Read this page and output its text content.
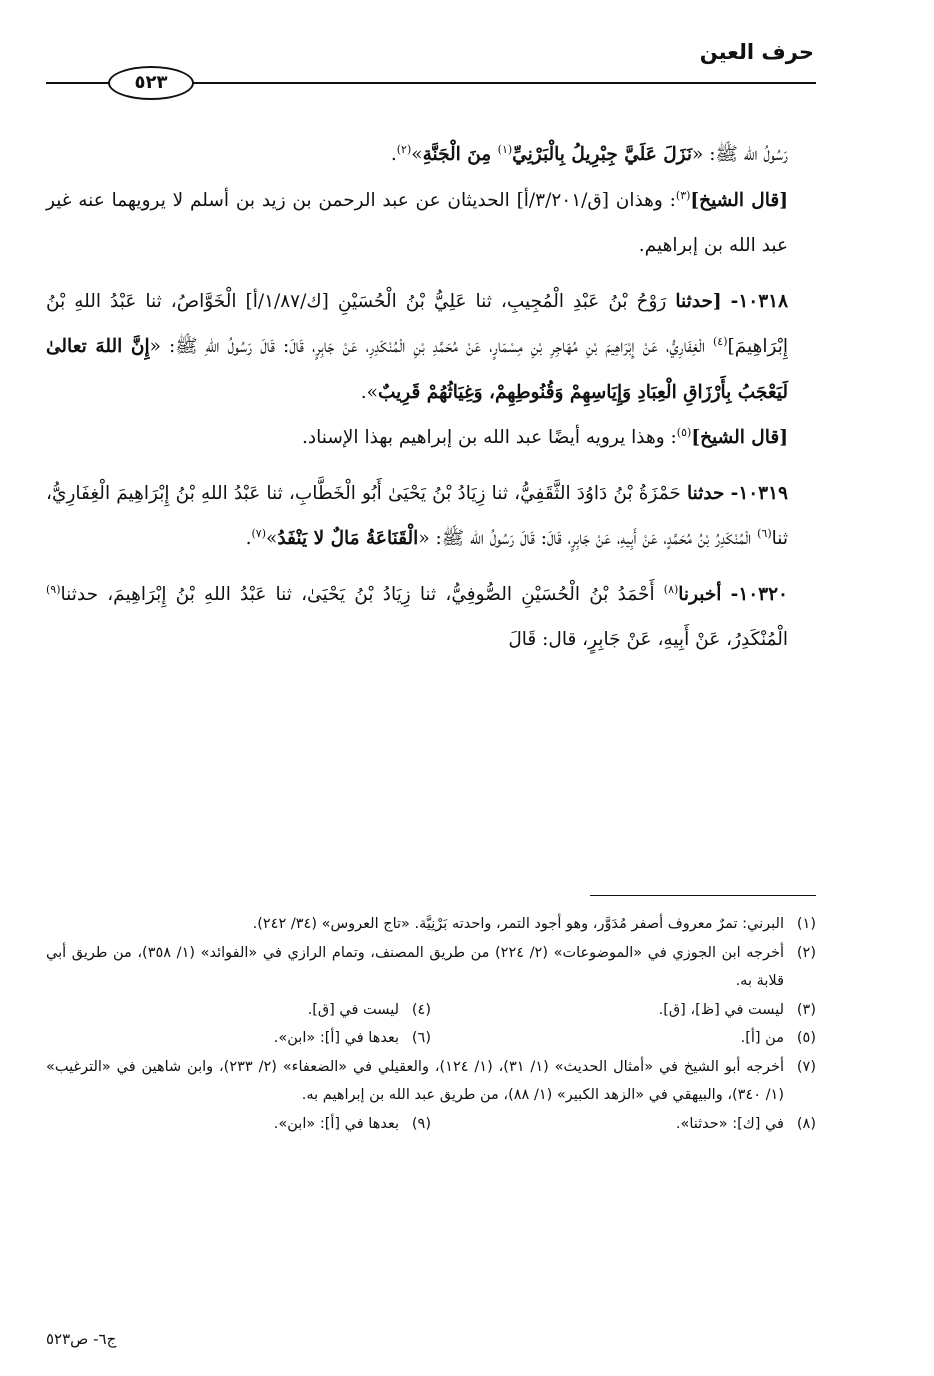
حرف العين
٥٢٣

رَسُولُ الله ﷺ: «نَزَلَ عَلَيَّ جِبْرِيلُ بِالْبَرْنِيِّ$^{(١)}$ مِنَ الْجَنَّةِ»$^{(٢)}$.

[قال الشيخ]$^{(٣)}$: وهذان [ق/٣/٢٠١/أ] الحديثان عن عبد الرحمن بن زيد بن أسلم لا يرويهما عنه غير عبد الله بن إبراهيم.

١٠٣١٨- [حدثنا رَوْحُ بْنُ عَبْدِ الْمُجِيبِ، ثنا عَلِيُّ بْنُ الْحُسَيْنِ [ك/١/٨٧/أ] الْخَوَّاصُ، ثنا عَبْدُ اللهِ بْنُ إِبْرَاهِيمَ]$^{(٤)}$ الْغِفَارِيُّ، عَنْ إِبْرَاهِيمَ بْنِ مُهَاجِرِ بْنِ مِسْمَارٍ، عَنْ مُحَمَّدِ بْنِ الْمُنْكَدِرِ، عَنْ جَابِرٍ، قَالَ: قَالَ رَسُولُ اللهِ ﷺ: «إِنَّ اللهَ تعالىٰ لَيَعْجَبُ بِأَرْزَاقِ الْعِبَادِ وَإِيَاسِهِمْ وَقُنُوطِهِمْ، وَغِيَاثُهُمْ قَرِيبٌ».

[قال الشيخ]$^{(٥)}$: وهذا يرويه أيضًا عبد الله بن إبراهيم بهذا الإسناد.

١٠٣١٩- حدثنا حَمْزَةُ بْنُ دَاوُدَ الثَّقَفِيُّ، ثنا زِيَادُ بْنُ يَحْيَىٰ أَبُو الْخَطَّابِ، ثنا عَبْدُ اللهِ بْنُ إِبْرَاهِيمَ الْغِفَارِيُّ، ثنا$^{(٦)}$ الْمُنْكَدِرُ بْنُ مُحَمَّدٍ، عَنْ أَبِيهِ، عَنْ جَابِرٍ، قَالَ: قَالَ رَسُولُ الله ﷺ: «الْقَنَاعَةُ مَالٌ لا يَنْفَدُ»$^{(٧)}$.

١٠٣٢٠- أخبرنا$^{(٨)}$ أَحْمَدُ بْنُ الْحُسَيْنِ الصُّوفِيُّ، ثنا زِيَادُ بْنُ يَحْيَىٰ، ثنا عَبْدُ اللهِ بْنُ إِبْرَاهِيمَ، حدثنا$^{(٩)}$ الْمُنْكَدِرُ، عَنْ أَبِيهِ، عَنْ جَابِرٍ، قال: قَالَ

(١)
البرني: تمرٌ معروف أصفر مُدَوَّر، وهو أجود التمر، واحدته بَرْنِيَّة. «تاج العروس» (٣٤/ ٢٤٢).
(٢)
أخرجه ابن الجوزي في «الموضوعات» (٢/ ٢٢٤) من طريق المصنف، وتمام الرازي في «الفوائد» (١/ ٣٥٨)، من طريق أبي قلابة به.
(٣)
ليست في [ظ]، [ق].
(٤)
ليست في [ق].
(٥)
من [أ].
(٦)
بعدها في [أ]: «ابن».
(٧)
أخرجه أبو الشيخ في «أمثال الحديث» (١/ ٣١)، (١/ ١٢٤)، والعقيلي في «الضعفاء» (٢/ ٢٣٣)، وابن شاهين في «الترغيب» (١/ ٣٤٠)، والبيهقي في «الزهد الكبير» (١/ ٨٨)، من طريق عبد الله بن إبراهيم به.
(٨)
في [ك]: «حدثنا».
(٩)
بعدها في [أ]: «ابن».
ج٦- ص٥٢٣
